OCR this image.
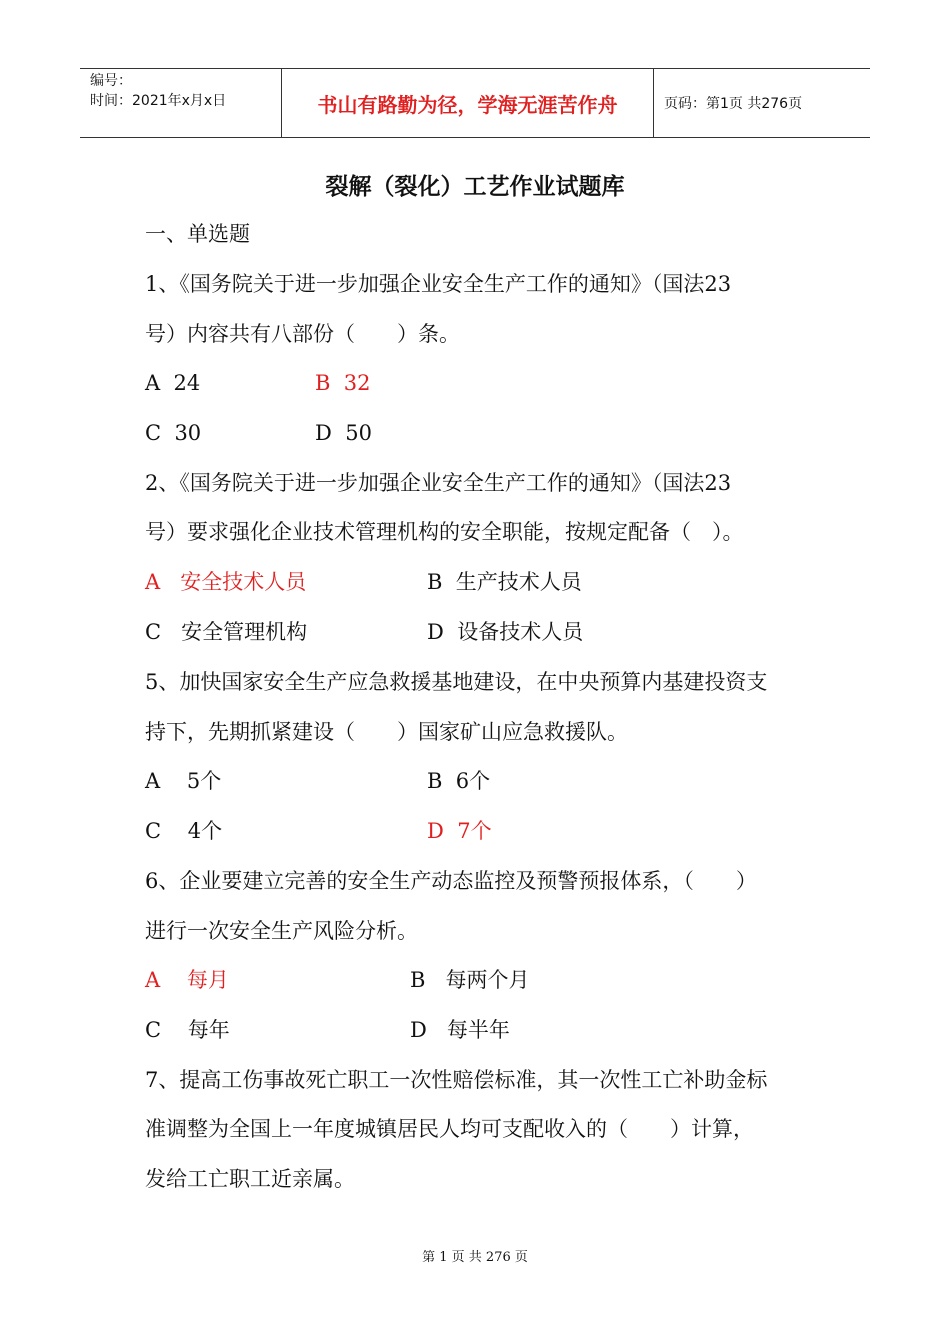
编号：
时间：2021年x月x日	书山有路勤为径，学海无涯苦作舟	页码：第1页 共276页
裂解（裂化）工艺作业试题库
一、单选题
1、《国务院关于进一步加强企业安全生产工作的通知》（国法23
号）内容共有八部份（　　）条。
A 24	B 32
C 30	D 50
2、《国务院关于进一步加强企业安全生产工作的通知》（国法23
号）要求强化企业技术管理机构的安全职能，按规定配备（　）。
A 安全技术人员	B 生产技术人员
C 安全管理机构	D 设备技术人员
5、加快国家安全生产应急救援基地建设，在中央预算内基建投资支
持下，先期抓紧建设（　　）国家矿山应急救援队。
A 5个	B 6个
C 4个	D 7个
6、企业要建立完善的安全生产动态监控及预警预报体系，（　　）
进行一次安全生产风险分析。
A 每月	B 每两个月
C 每年	D 每半年
7、提高工伤事故死亡职工一次性赔偿标准，其一次性工亡补助金标
准调整为全国上一年度城镇居民人均可支配收入的（　　）计算，
发给工亡职工近亲属。
第 1 页 共 276 页
